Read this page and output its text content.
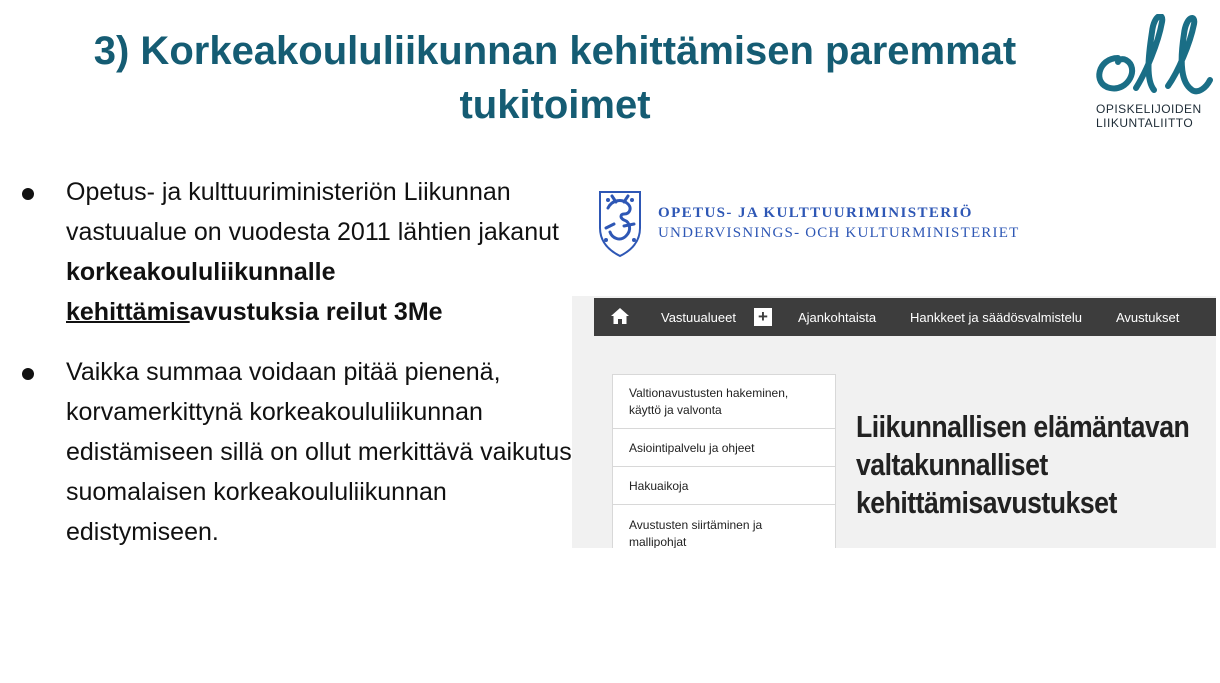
3) Korkeakoululiikunnan kehittämisen paremmat tukitoimet	OPISKELIJOIDEN
LIIKUNTALIITTO
Opetus- ja kulttuuriministeriön Liikunnan vastuualue on vuodesta 2011 lähtien jakanut korkeakoululiikunnalle kehittämisavustuksia reilut 3Me
Vaikka summaa voidaan pitää pienenä, korvamerkittynä korkeakoululiikunnan edistämiseen sillä on ollut merkittävä vaikutus suomalaisen korkeakoululiikunnan edistymiseen.
OPETUS- JA KULTTUURIMINISTERIÖ
UNDERVISNINGS- OCH KULTURMINISTERIET
Vastuualueet +	Ajankohtaista	Hankkeet ja säädösvalmistelu	Avustukset
Valtionavustusten hakeminen, käyttö ja valvonta
Asiointipalvelu ja ohjeet
Hakuaikoja
Avustusten siirtäminen ja mallipohjat
Liikunnallisen elämäntavan valtakunnalliset kehittämisavustukset
